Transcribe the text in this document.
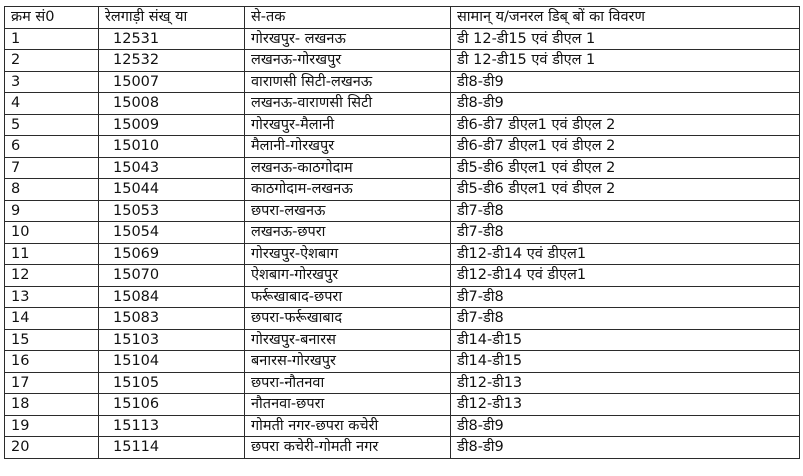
क्रम सं0	रेलगाड़ी संख् या	से-तक	सामान् य/जनरल डिब् बों का विवरण
1	12531	गोरखपुर- लखनऊ	डी 12-डी15 एवं डीएल 1
2	12532	लखनऊ-गोरखपुर	डी 12-डी15 एवं डीएल 1
3	15007	वाराणसी सिटी-लखनऊ	डी8-डी9
4	15008	लखनऊ-वाराणसी सिटी	डी8-डी9
5	15009	गोरखपुर-मैलानी	डी6-डी7 डीएल1 एवं डीएल 2
6	15010	मैलानी-गोरखपुर	डी6-डी7 डीएल1 एवं डीएल 2
7	15043	लखनऊ-काठगोदाम	डी5-डी6 डीएल1 एवं डीएल 2
8	15044	काठगोदाम-लखनऊ	डी5-डी6 डीएल1 एवं डीएल 2
9	15053	छपरा-लखनऊ	डी7-डी8
10	15054	लखनऊ-छपरा	डी7-डी8
11	15069	गोरखपुर-ऐशबाग	डी12-डी14 एवं डीएल1
12	15070	ऐशबाग-गोरखपुर	डी12-डी14 एवं डीएल1
13	15084	फर्रूखाबाद-छपरा	डी7-डी8
14	15083	छपरा-फर्रूखाबाद	डी7-डी8
15	15103	गोरखपुर-बनारस	डी14-डी15
16	15104	बनारस-गोरखपुर	डी14-डी15
17	15105	छपरा-नौतनवा	डी12-डी13
18	15106	नौतनवा-छपरा	डी12-डी13
19	15113	गोमती नगर-छपरा कचेरी	डी8-डी9
20	15114	छपरा कचेरी-गोमती नगर	डी8-डी9
